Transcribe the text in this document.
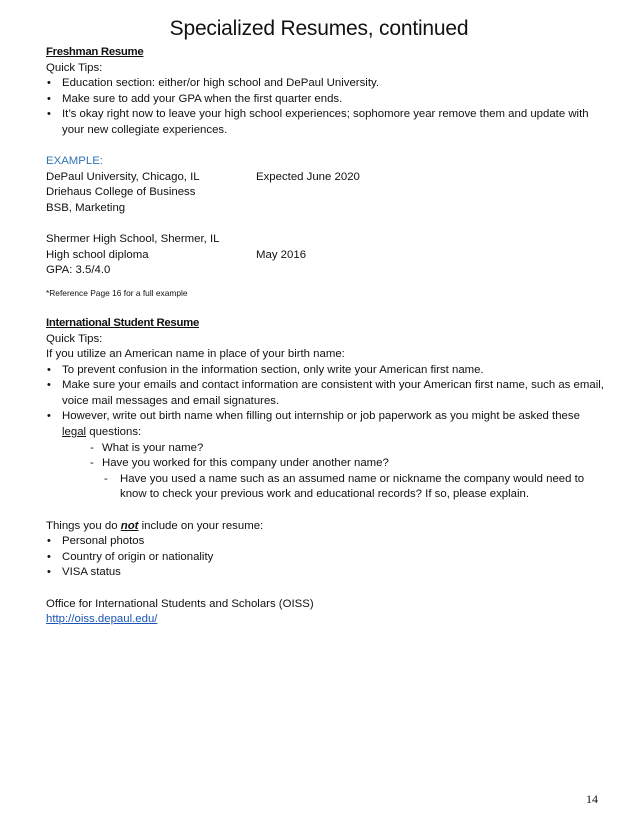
Specialized Resumes, continued
Freshman Resume
Quick Tips:
• Education section: either/or high school and DePaul University.
• Make sure to add your GPA when the first quarter ends.
• It’s okay right now to leave your high school experiences; sophomore year remove them and update with your new collegiate experiences.
EXAMPLE:
DePaul University, Chicago, IL	Expected June 2020
Driehaus College of Business
BSB, Marketing
Shermer High School, Shermer, IL
High school diploma	May 2016
GPA: 3.5/4.0
*Reference Page 16 for a full example
International Student Resume
Quick Tips:
If you utilize an American name in place of your birth name:
• To prevent confusion in the information section, only write your American first name.
• Make sure your emails and contact information are consistent with your American first name, such as email, voice mail messages and email signatures.
• However, write out birth name when filling out internship or job paperwork as you might be asked these legal questions:
- What is your name?
- Have you worked for this company under another name?
-	Have you used a name such as an assumed name or nickname the company would need to know to check your previous work and educational records? If so, please explain.
Things you do not include on your resume:
• Personal photos
• Country of origin or nationality
• VISA status
Office for International Students and Scholars (OISS)
http://oiss.depaul.edu/
14
